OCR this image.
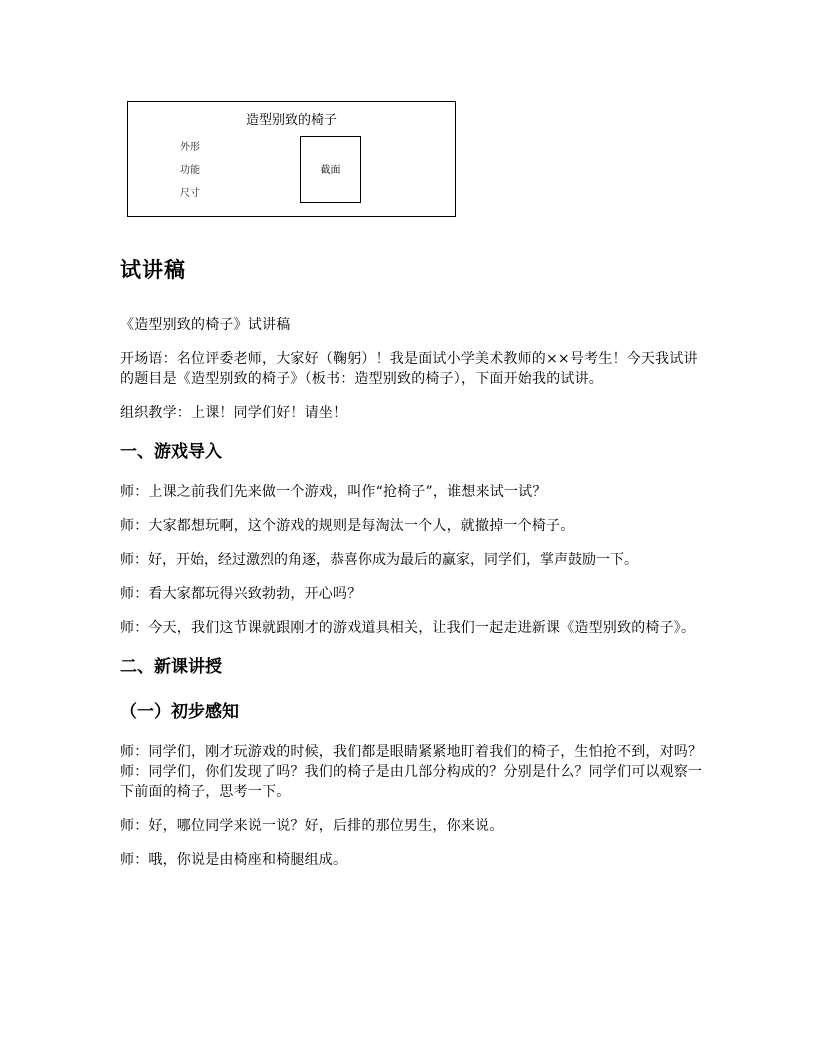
造型别致的椅子
外形
功能
尺寸
截面
试讲稿

《造型别致的椅子》试讲稿

开场语：名位评委老师，大家好（鞠躬）！我是面试小学美术教师的××号考生！今天我试讲的题目是《造型别致的椅子》（板书：造型别致的椅子），下面开始我的试讲。

组织教学：上课！同学们好！请坐！

一、游戏导入

师：上课之前我们先来做一个游戏，叫作“抢椅子”，谁想来试一试？

师：大家都想玩啊，这个游戏的规则是每淘汰一个人，就撤掉一个椅子。

师：好，开始，经过激烈的角逐，恭喜你成为最后的赢家，同学们，掌声鼓励一下。

师：看大家都玩得兴致勃勃，开心吗？

师：今天，我们这节课就跟刚才的游戏道具相关，让我们一起走进新课《造型别致的椅子》。

二、新课讲授
（一）初步感知

师：同学们，刚才玩游戏的时候，我们都是眼睛紧紧地盯着我们的椅子，生怕抢不到，对吗？师：同学们，你们发现了吗？我们的椅子是由几部分构成的？分别是什么？同学们可以观察一下前面的椅子，思考一下。

师：好，哪位同学来说一说？好，后排的那位男生，你来说。

师：哦，你说是由椅座和椅腿组成。
